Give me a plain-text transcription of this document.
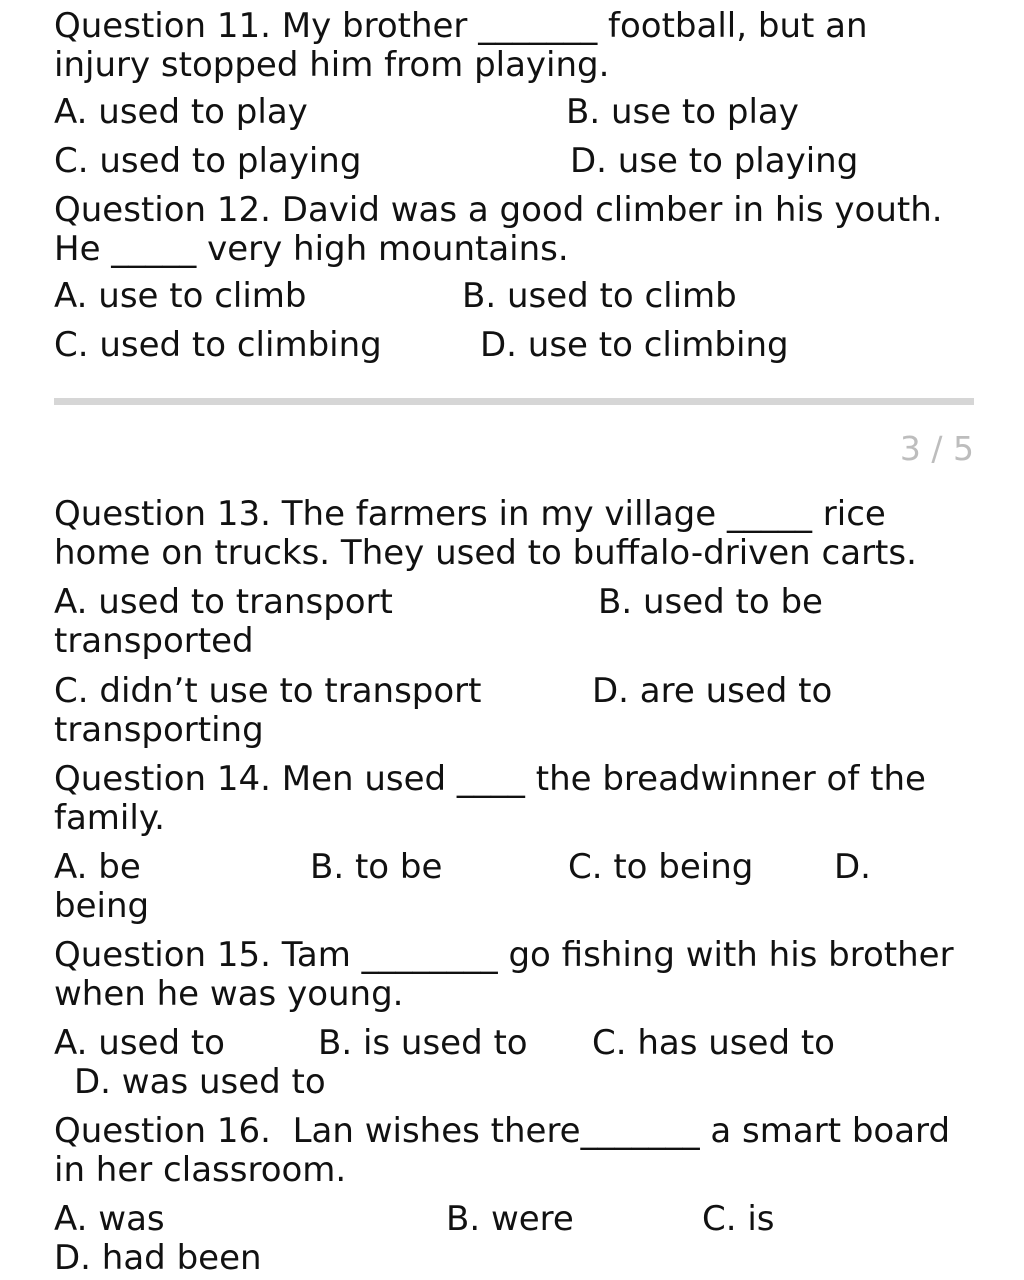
Question 11. My brother _______ football, but an injury stopped him from playing.

A. used to play	B. use to play
C. used to playing	D. use to playing

Question 12. David was a good climber in his youth. He _____ very high mountains.

A. use to climb	B. used to climb
C. used to climbing	D. use to climbing
3 / 5

Question 13. The farmers in my village _____ rice home on trucks. They used to buffalo-driven carts.

A. used to transport	B. used to be
transported
C. didn’t use to transport	D. are used to
transporting

Question 14. Men used ____ the breadwinner of the family.

A. be	B. to be	C. to being D.
being

Question 15. Tam ________ go fishing with his brother when he was young.

A. used to	B. is used to C. has used to
D. was used to

Question 16.  Lan wishes there_______ a smart board in her classroom.

A. was	B. were	C. is
D. had been
